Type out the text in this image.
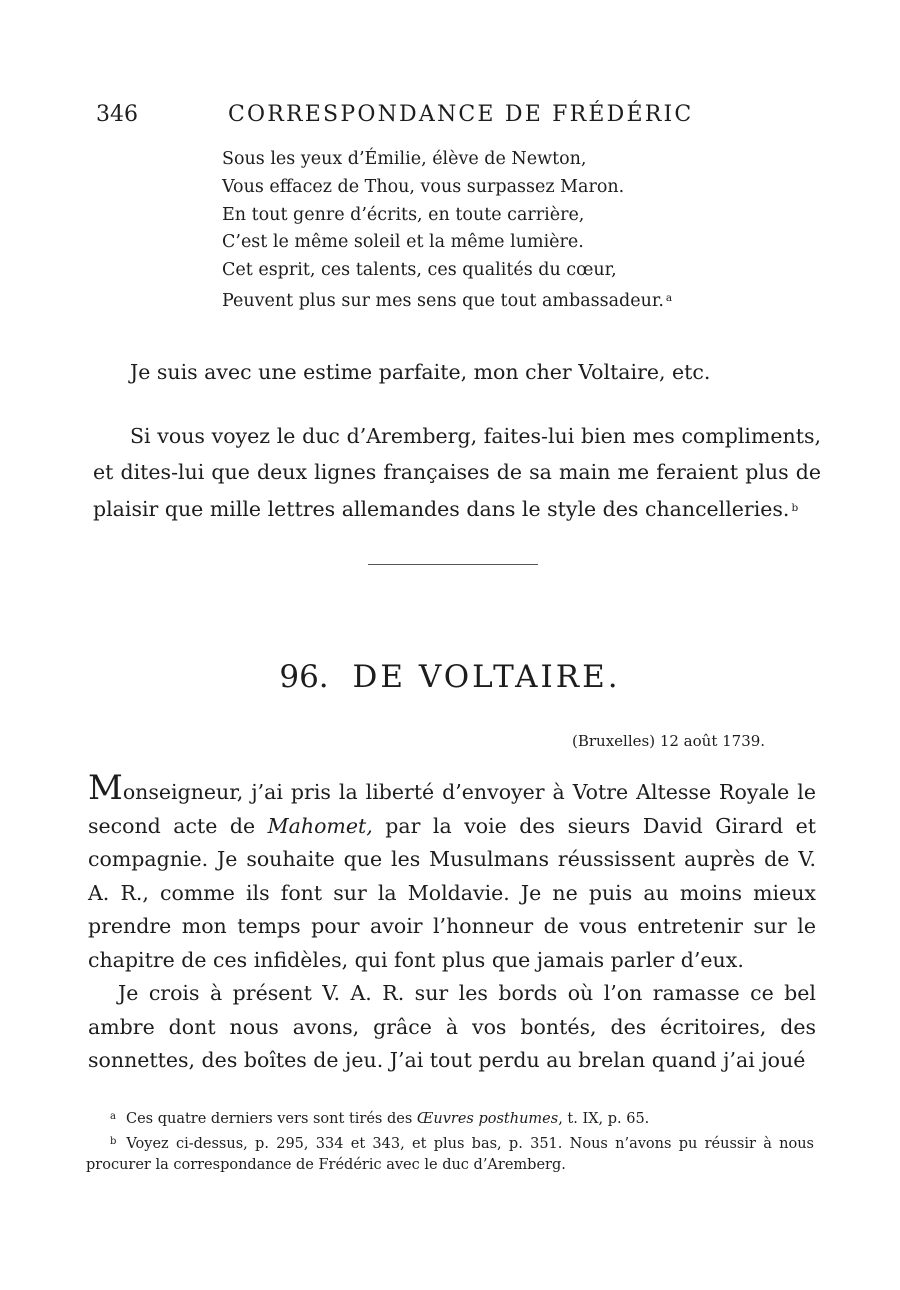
346	CORRESPONDANCE DE FRÉDÉRIC
Sous les yeux d’Émilie, élève de Newton,
Vous effacez de Thou, vous surpassez Maron.
En tout genre d’écrits, en toute carrière,
C’est le même soleil et la même lumière.
Cet esprit, ces talents, ces qualités du cœur,
Peuvent plus sur mes sens que tout ambassadeur. $^a$

Je suis avec une estime parfaite, mon cher Voltaire, etc.

Si vous voyez le duc d’Aremberg, faites-lui bien mes compliments, et dites-lui que deux lignes françaises de sa main me feraient plus de plaisir que mille lettres allemandes dans le style des chancelleries. $^b$

96. DE VOLTAIRE.
(Bruxelles) 12 août 1739.

Monseigneur, j’ai pris la liberté d’envoyer à Votre Altesse Royale le second acte de Mahomet, par la voie des sieurs David Girard et compagnie. Je souhaite que les Musulmans réussissent auprès de V. A. R., comme ils font sur la Moldavie. Je ne puis au moins mieux prendre mon temps pour avoir l’honneur de vous entretenir sur le chapitre de ces infidèles, qui font plus que jamais parler d’eux.

Je crois à présent V. A. R. sur les bords où l’on ramasse ce bel ambre dont nous avons, grâce à vos bontés, des écritoires, des sonnettes, des boîtes de jeu. J’ai tout perdu au brelan quand j’ai joué

$^a$ Ces quatre derniers vers sont tirés des Œuvres posthumes, t. IX, p. 65.

$^b$ Voyez ci-dessus, p. 295, 334 et 343, et plus bas, p. 351. Nous n’avons pu réussir à nous procurer la correspondance de Frédéric avec le duc d’Aremberg.
